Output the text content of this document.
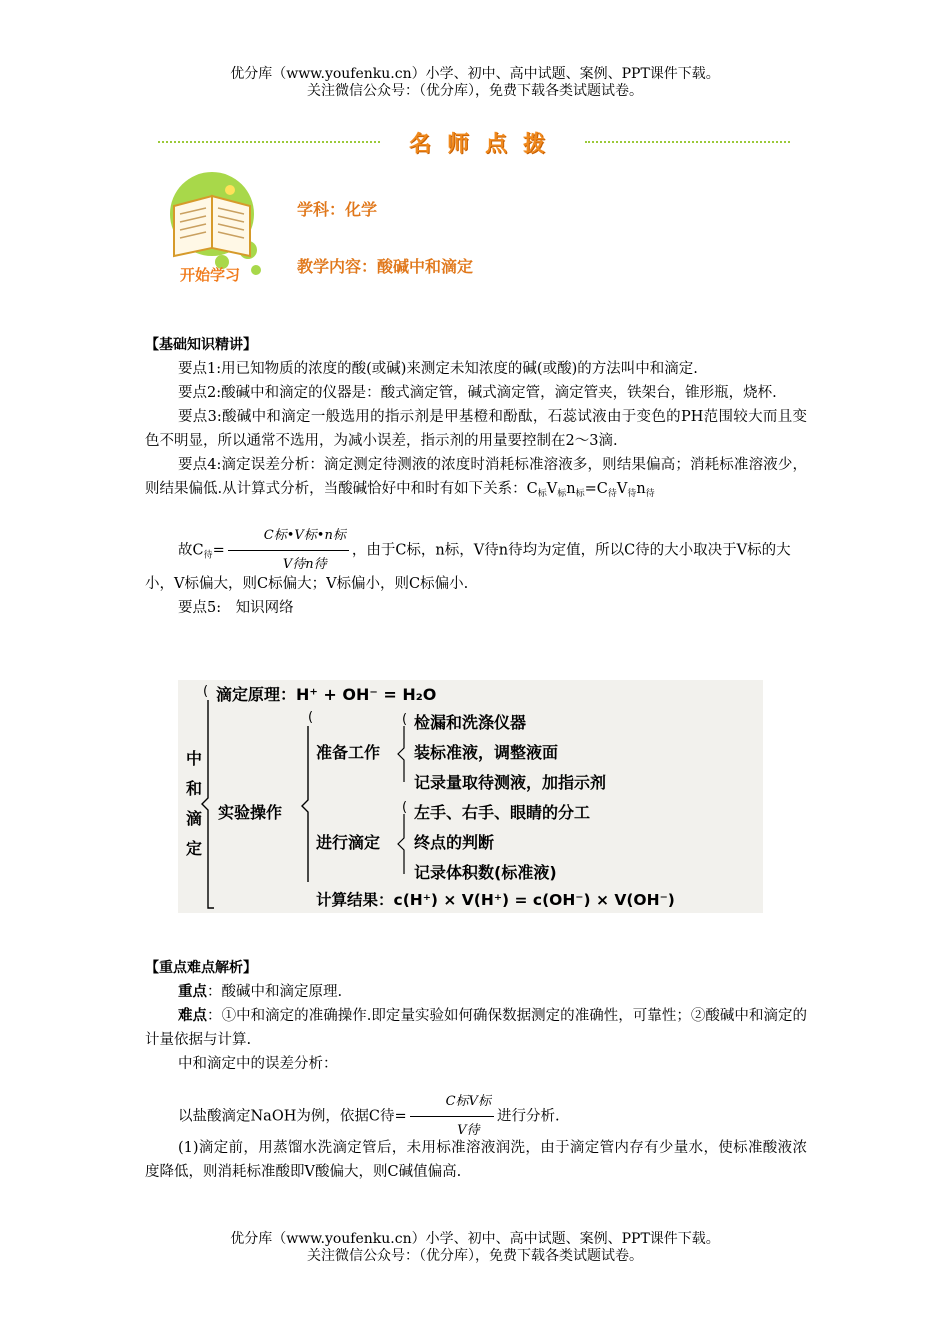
优分库（www.youfenku.cn）小学、初中、高中试题、案例、PPT课件下载。
关注微信公众号：（优分库），免费下载各类试题试卷。
名师点拨
开始学习
学科：化学
教学内容：酸碱中和滴定
【基础知识精讲】
要点1:用已知物质的浓度的酸(或碱)来测定未知浓度的碱(或酸)的方法叫中和滴定.
要点2:酸碱中和滴定的仪器是：酸式滴定管，碱式滴定管，滴定管夹，铁架台，锥形瓶，烧杯.
要点3:酸碱中和滴定一般选用的指示剂是甲基橙和酚酞，石蕊试液由于变色的PH范围较大而且变色不明显，所以通常不选用，为减小误差，指示剂的用量要控制在2～3滴.
要点4:滴定误差分析：滴定测定待测液的浓度时消耗标准溶液多，则结果偏高；消耗标准溶液少，则结果偏低.从计算式分析，当酸碱恰好中和时有如下关系：$C_标V_标n_标=C_待V_待n_待$
故$C_待= \frac{\text{C标•V标•n标}}{\text{V待n待}}$ ，由于C标，n标，V待n待均为定值，所以C待的大小取决于V标的大
小，V标偏大，则C标偏大；V标偏小，则C标偏小.
要点5:　知识网络
(
中
和
滴
定
滴定原理：H⁺ + OH⁻ = H₂O
实验操作
(
准备工作
( 检漏和洗涤仪器
装标准液，调整液面
记录量取待测液，加指示剂
进行滴定
( 左手、右手、眼睛的分工
终点的判断
记录体积数(标准液)
计算结果：c(H⁺) × V(H⁺) = c(OH⁻) × V(OH⁻)
【重点难点解析】
重点：酸碱中和滴定原理.
难点：①中和滴定的准确操作.即定量实验如何确保数据测定的准确性，可靠性；②酸碱中和滴定的计量依据与计算.
中和滴定中的误差分析：
以盐酸滴定NaOH为例，依据C待= $\frac{\text{C标V标}}{\text{V待}}$ 进行分析.
(1)滴定前，用蒸馏水洗滴定管后，未用标准溶液润洗，由于滴定管内存有少量水，使标准酸液浓度降低，则消耗标准酸即V酸偏大，则C碱值偏高.
优分库（www.youfenku.cn）小学、初中、高中试题、案例、PPT课件下载。
关注微信公众号：（优分库），免费下载各类试题试卷。
